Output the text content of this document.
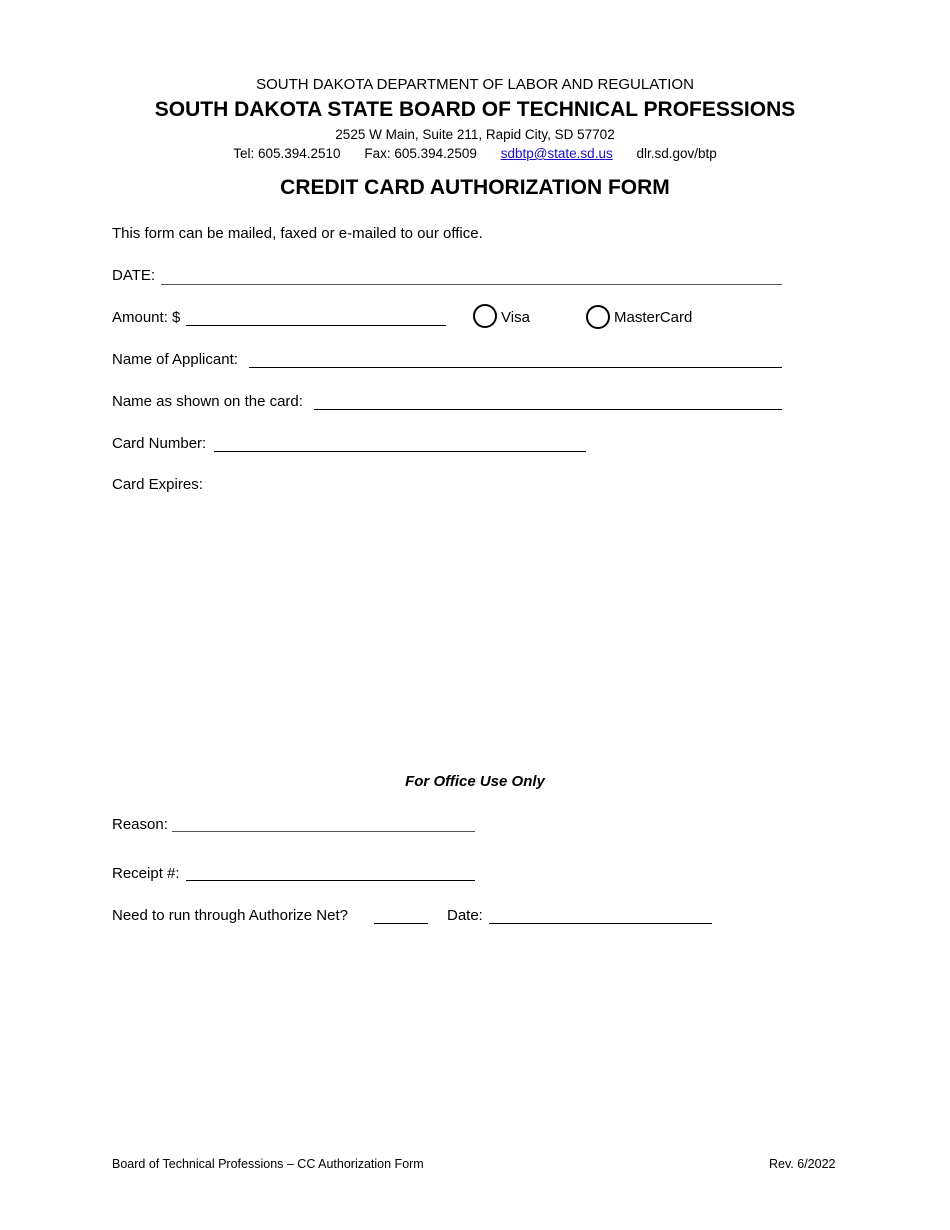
SOUTH DAKOTA DEPARTMENT OF LABOR AND REGULATION
SOUTH DAKOTA STATE BOARD OF TECHNICAL PROFESSIONS
2525 W Main, Suite 211, Rapid City, SD 57702
Tel: 605.394.2510 Fax: 605.394.2509 sdbtp@state.sd.us dlr.sd.gov/btp
CREDIT CARD AUTHORIZATION FORM
This form can be mailed, faxed or e-mailed to our office.
DATE:
Amount: $	Visa	MasterCard
Name of Applicant:
Name as shown on the card:
Card Number:
Card Expires:
For Office Use Only
Reason:
Receipt #:
Need to run through Authorize Net?	Date:
Board of Technical Professions – CC Authorization Form	Rev. 6/2022
